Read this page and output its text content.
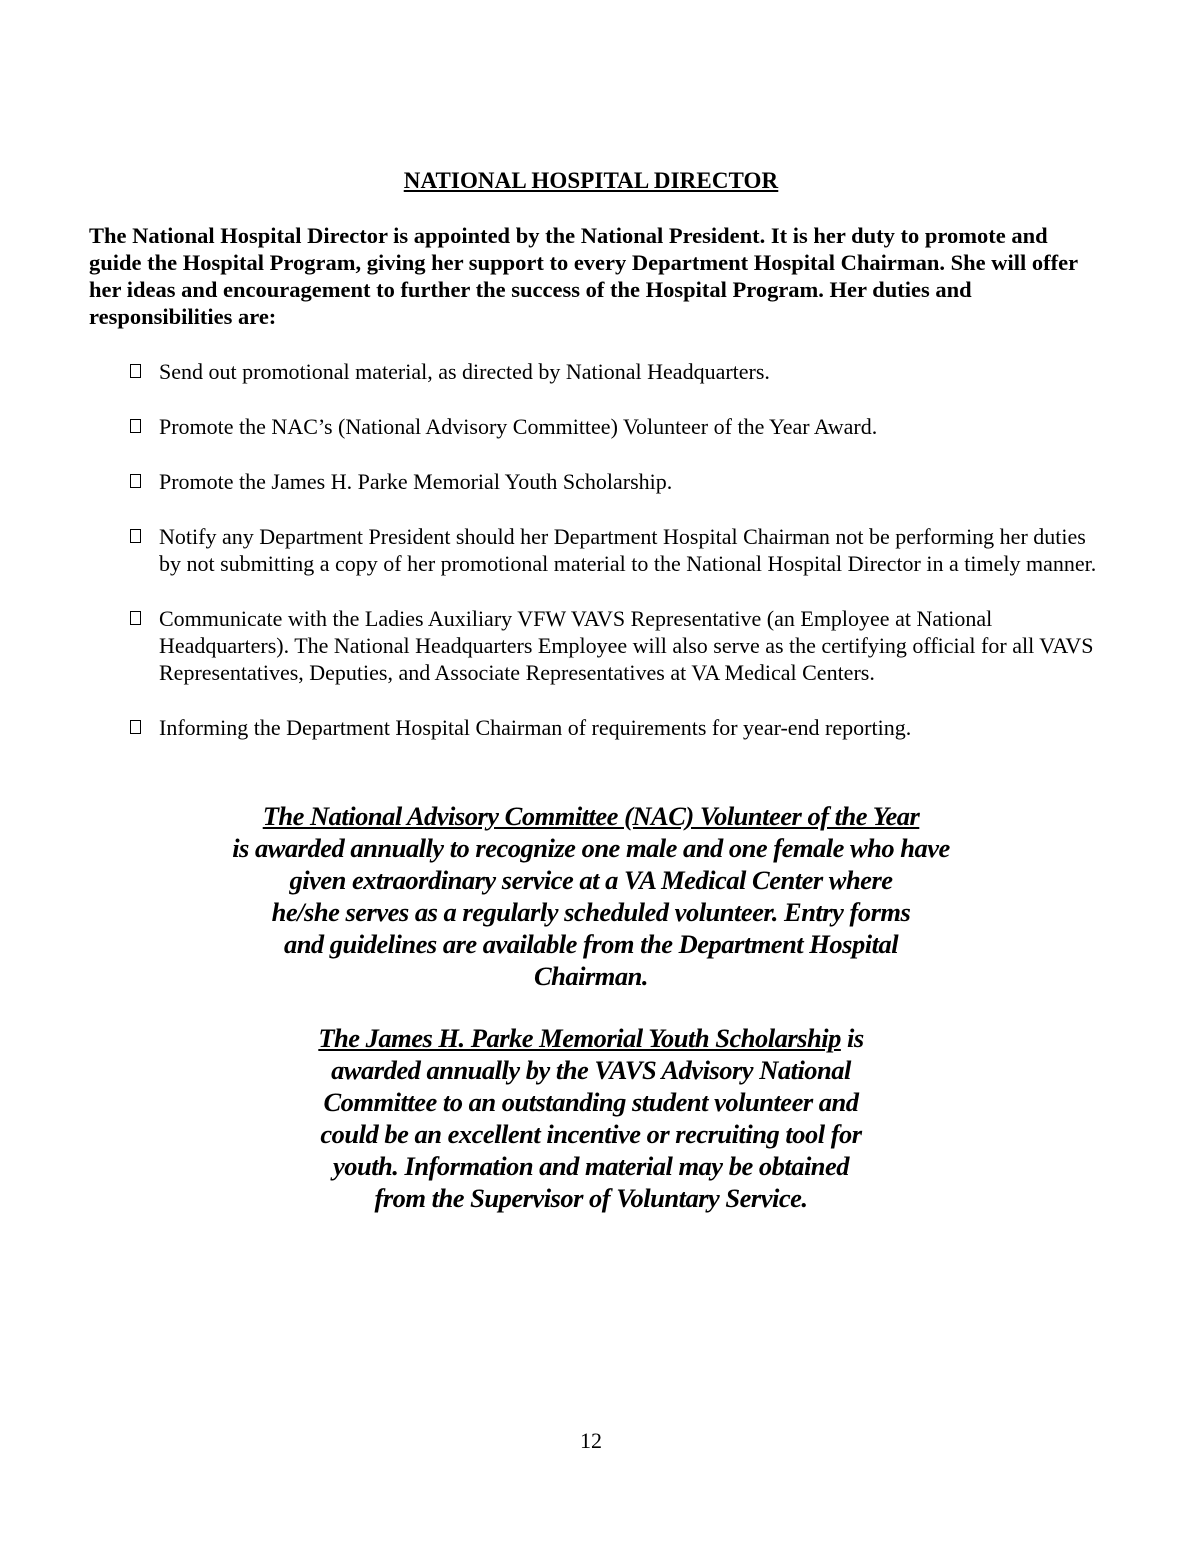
NATIONAL HOSPITAL DIRECTOR

The National Hospital Director is appointed by the National President. It is her duty to promote and guide the Hospital Program, giving her support to every Department Hospital Chairman. She will offer her ideas and encouragement to further the success of the Hospital Program. Her duties and responsibilities are:

Send out promotional material, as directed by National Headquarters.
Promote the NAC’s (National Advisory Committee) Volunteer of the Year Award.
Promote the James H. Parke Memorial Youth Scholarship.
Notify any Department President should her Department Hospital Chairman not be performing her duties by not submitting a copy of her promotional material to the National Hospital Director in a timely manner.
Communicate with the Ladies Auxiliary VFW VAVS Representative (an Employee at National Headquarters). The National Headquarters Employee will also serve as the certifying official for all VAVS Representatives, Deputies, and Associate Representatives at VA Medical Centers.
Informing the Department Hospital Chairman of requirements for year-end reporting.
The National Advisory Committee (NAC) Volunteer of the Year
is awarded annually to recognize one male and one female who have
given extraordinary service at a VA Medical Center where
he/she serves as a regularly scheduled volunteer. Entry forms
and guidelines are available from the Department Hospital
Chairman.
The James H. Parke Memorial Youth Scholarship is
awarded annually by the VAVS Advisory National
Committee to an outstanding student volunteer and
could be an excellent incentive or recruiting tool for
youth. Information and material may be obtained
from the Supervisor of Voluntary Service.
12
